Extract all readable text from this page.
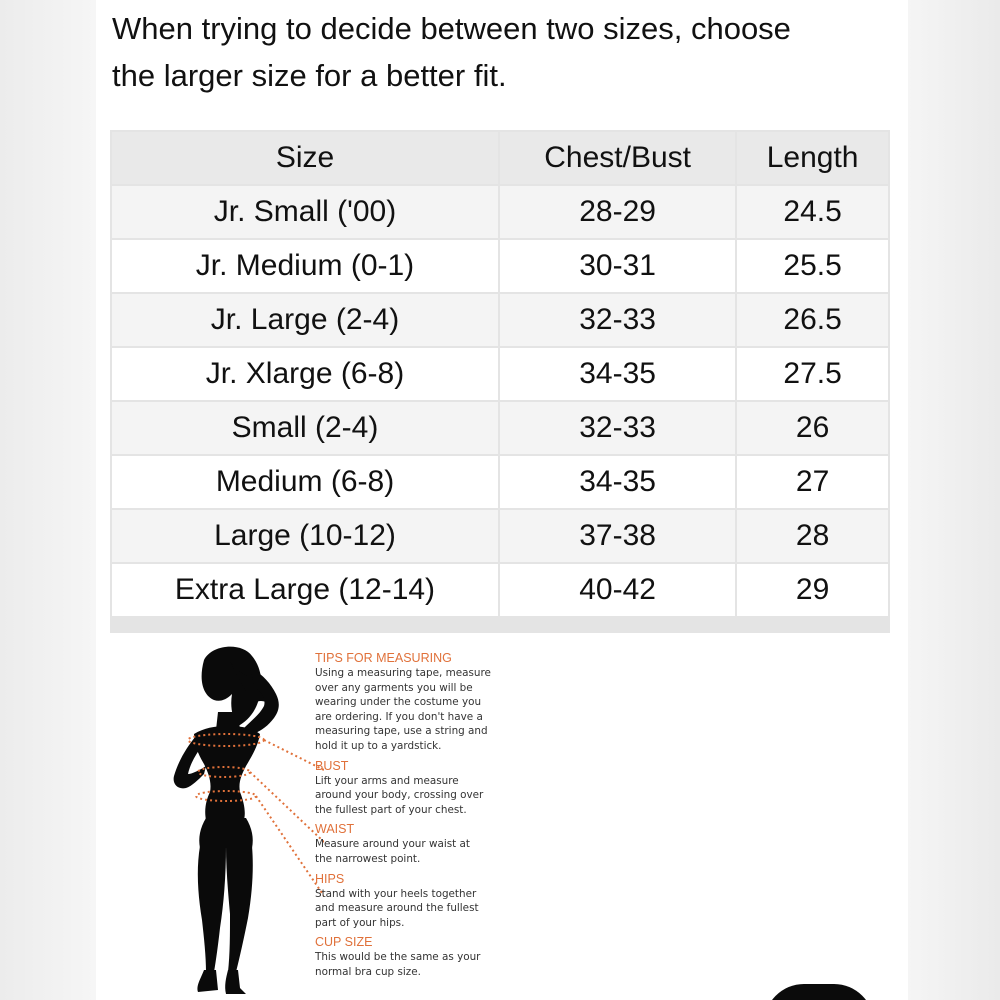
When trying to decide between two sizes, choose
the larger size for a better fit.
Size	Chest/Bust	Length
Jr. Small ('00)	28-29	24.5
Jr. Medium (0-1)	30-31	25.5
Jr. Large (2-4)	32-33	26.5
Jr. Xlarge (6-8)	34-35	27.5
Small (2-4)	32-33	26
Medium (6-8)	34-35	27
Large (10-12)	37-38	28
Extra Large (12-14)	40-42	29
TIPS FOR MEASURING

Using a measuring tape, measure

over any garments you will be

wearing under the costume you

are ordering. If you don't have a

measuring tape, use a string and

hold it up to a yardstick.

BUST

Lift your arms and measure

around your body, crossing over

the fullest part of your chest.

WAIST

Measure around your waist at

the narrowest point.

HIPS

Stand with your heels together

and measure around the fullest

part of your hips.

CUP SIZE

This would be the same as your

normal bra cup size.
